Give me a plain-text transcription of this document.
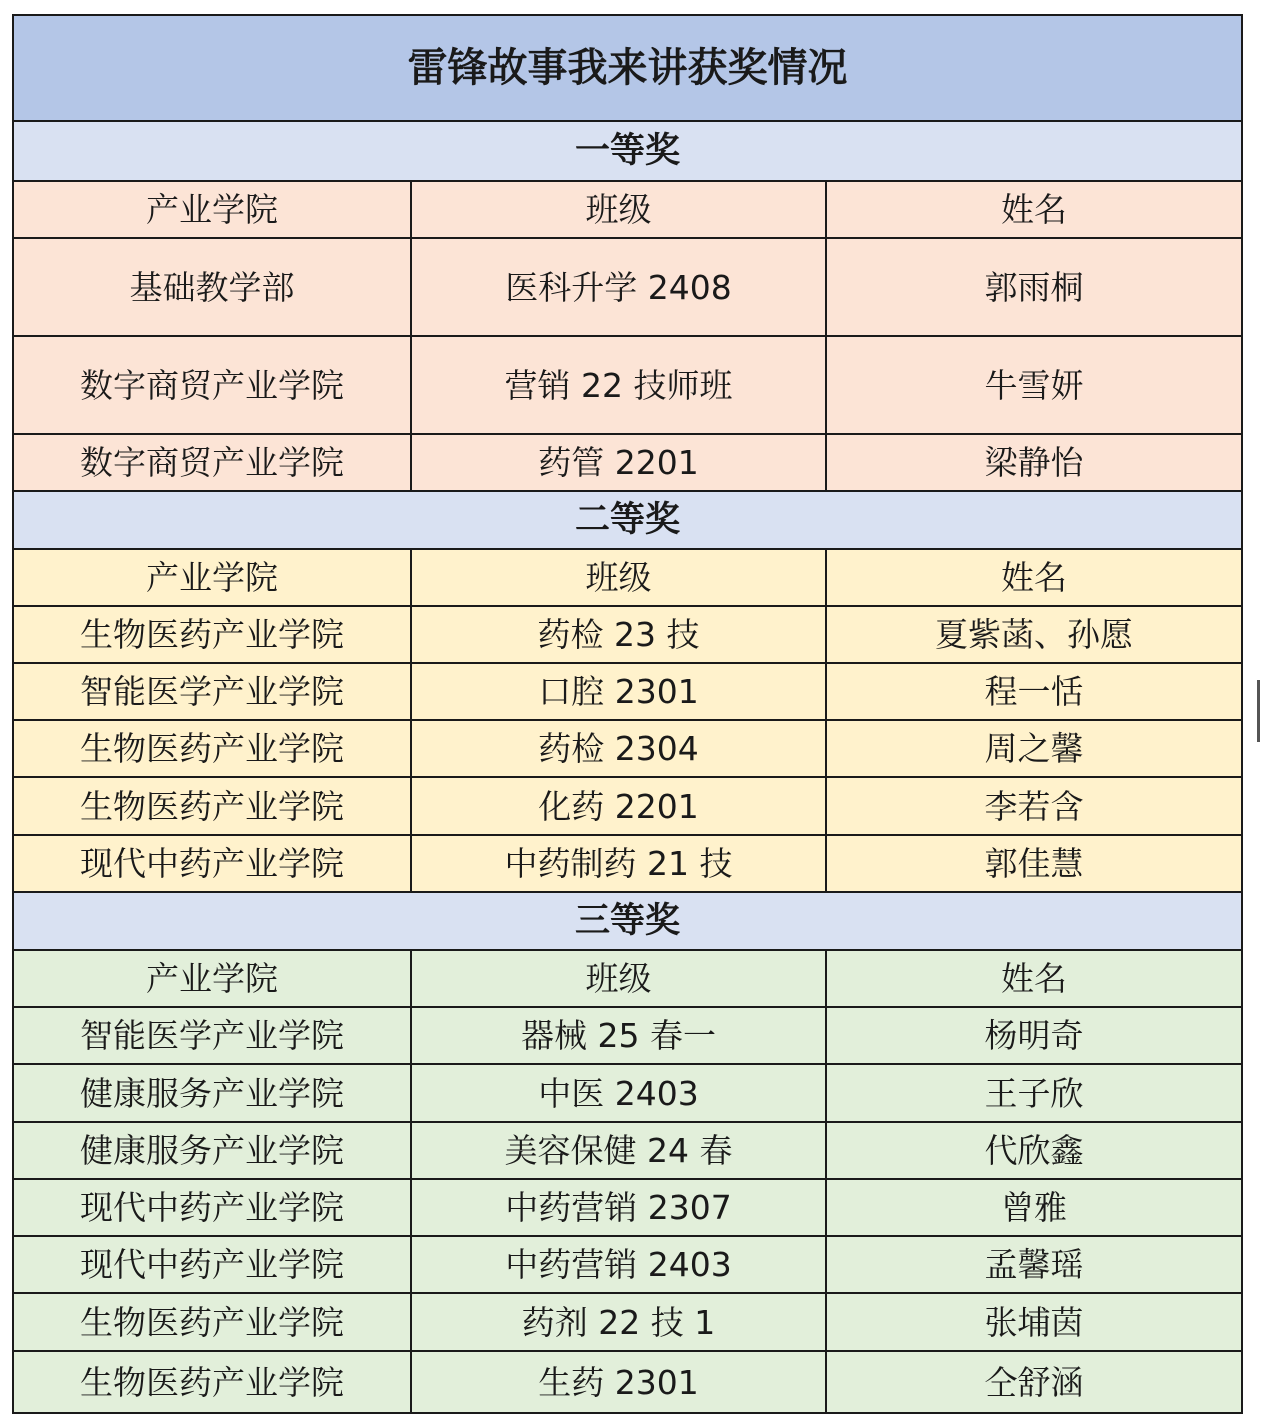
雷锋故事我来讲获奖情况		
一等奖		
产业学院	班级	姓名
基础教学部	医科升学 2408	郭雨桐
数字商贸产业学院	营销 22 技师班	牛雪妍
数字商贸产业学院	药管 2201	梁静怡
二等奖		
产业学院	班级	姓名
生物医药产业学院	药检 23 技	夏紫菡、孙愿
智能医学产业学院	口腔 2301	程一恬
生物医药产业学院	药检 2304	周之馨
生物医药产业学院	化药 2201	李若含
现代中药产业学院	中药制药 21 技	郭佳慧
三等奖		
产业学院	班级	姓名
智能医学产业学院	器械 25 春一	杨明奇
健康服务产业学院	中医 2403	王子欣
健康服务产业学院	美容保健 24 春	代欣鑫
现代中药产业学院	中药营销 2307	曾雅
现代中药产业学院	中药营销 2403	孟馨瑶
生物医药产业学院	药剂 22 技 1	张埔茵
生物医药产业学院	生药 2301	仝舒涵
